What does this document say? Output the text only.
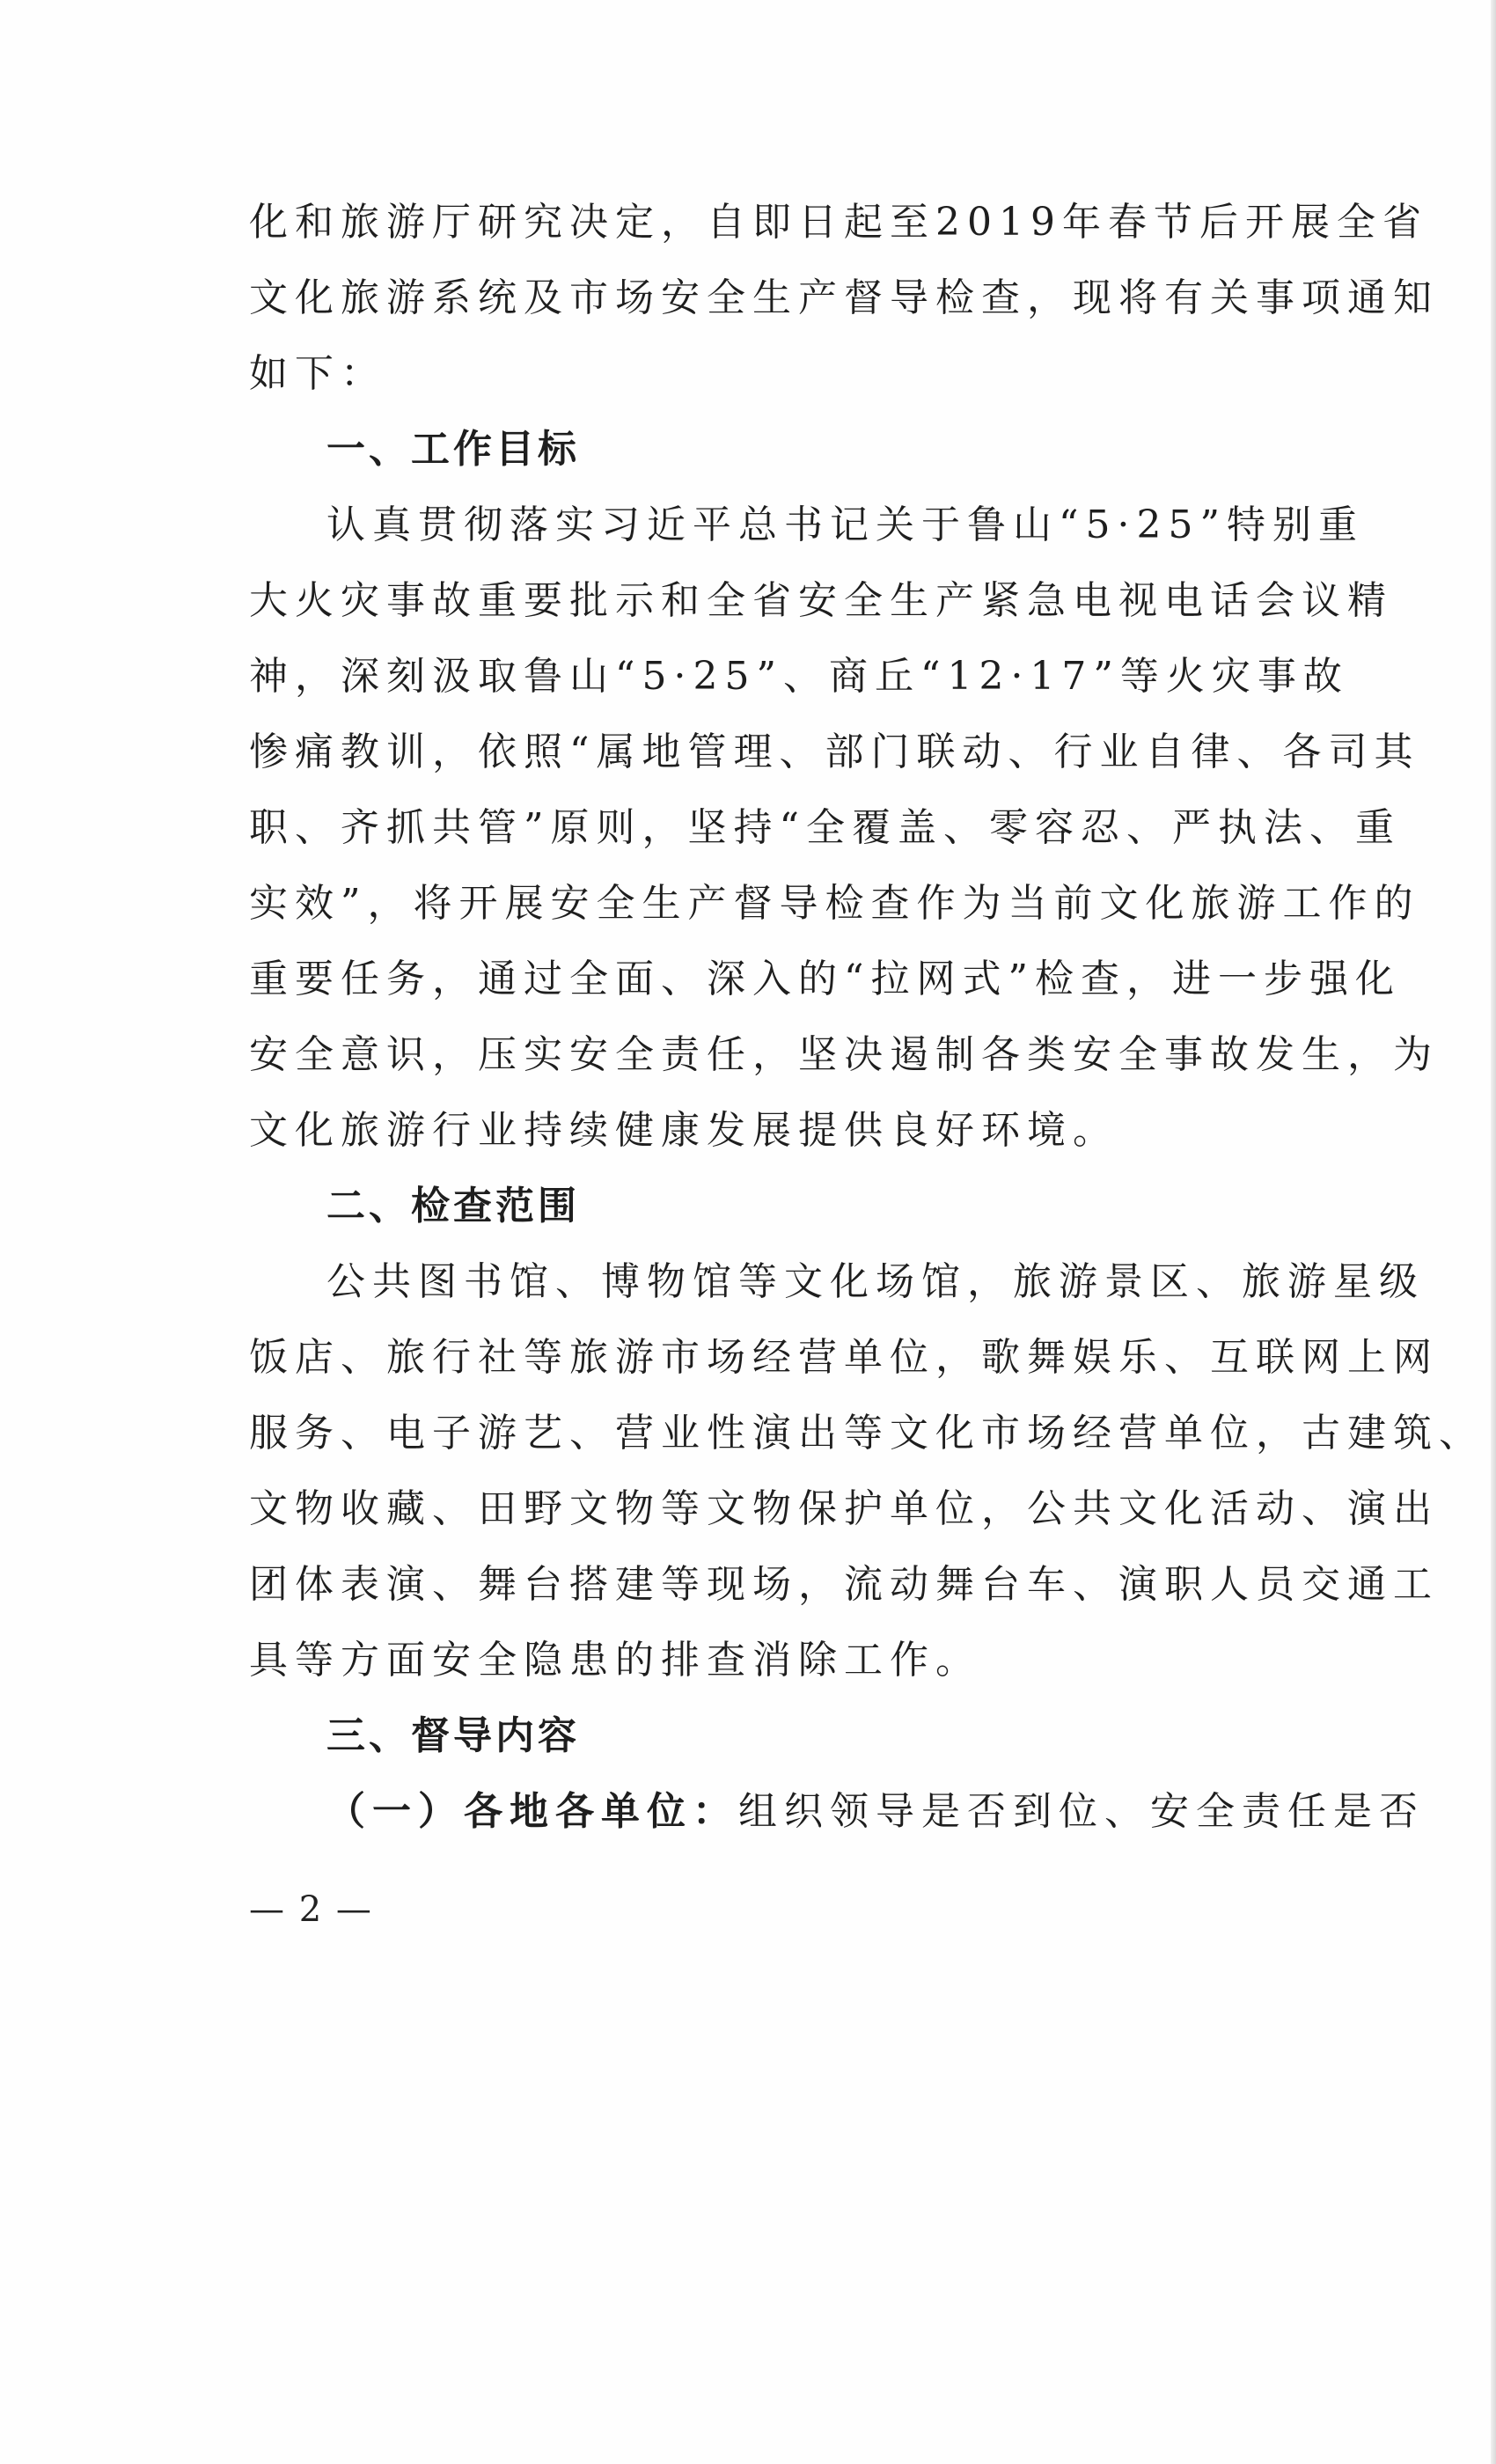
化和旅游厅研究决定，自即日起至2019年春节后开展全省
文化旅游系统及市场安全生产督导检查，现将有关事项通知
如下：
一、工作目标
认真贯彻落实习近平总书记关于鲁山“5·25”特别重
大火灾事故重要批示和全省安全生产紧急电视电话会议精
神，深刻汲取鲁山“5·25”、商丘“12·17”等火灾事故
惨痛教训，依照“属地管理、部门联动、行业自律、各司其
职、齐抓共管”原则，坚持“全覆盖、零容忍、严执法、重
实效”，将开展安全生产督导检查作为当前文化旅游工作的
重要任务，通过全面、深入的“拉网式”检查，进一步强化
安全意识，压实安全责任，坚决遏制各类安全事故发生，为
文化旅游行业持续健康发展提供良好环境。
二、检查范围
公共图书馆、博物馆等文化场馆，旅游景区、旅游星级
饭店、旅行社等旅游市场经营单位，歌舞娱乐、互联网上网
服务、电子游艺、营业性演出等文化市场经营单位，古建筑、
文物收藏、田野文物等文物保护单位，公共文化活动、演出
团体表演、舞台搭建等现场，流动舞台车、演职人员交通工
具等方面安全隐患的排查消除工作。
三、督导内容
（一）各地各单位：组织领导是否到位、安全责任是否
— 2 —
